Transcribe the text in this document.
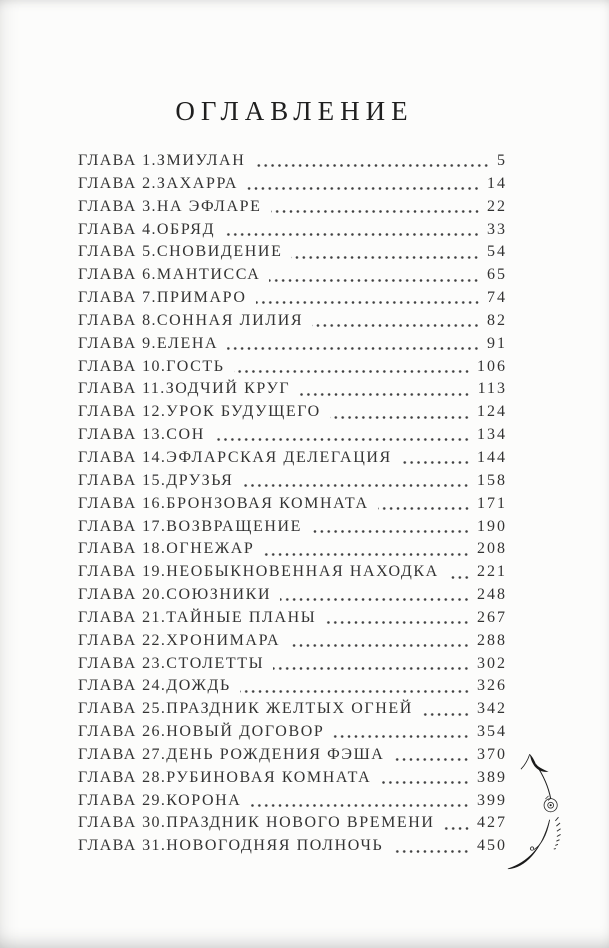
ОГЛАВЛЕНИЕ
ГЛАВА 1. ЗМИУЛАН	5
ГЛАВА 2. ЗАХАРРА	14
ГЛАВА 3. НА ЭФЛАРЕ	22
ГЛАВА 4. ОБРЯД	33
ГЛАВА 5. СНОВИДЕНИЕ	54
ГЛАВА 6. МАНТИССА	65
ГЛАВА 7. ПРИМАРО	74
ГЛАВА 8. СОННАЯ ЛИЛИЯ	82
ГЛАВА 9. ЕЛЕНА	91
ГЛАВА 10. ГОСТЬ	106
ГЛАВА 11. ЗОДЧИЙ КРУГ	113
ГЛАВА 12. УРОК БУДУЩЕГО	124
ГЛАВА 13. СОН	134
ГЛАВА 14. ЭФЛАРСКАЯ ДЕЛЕГАЦИЯ	144
ГЛАВА 15. ДРУЗЬЯ	158
ГЛАВА 16. БРОНЗОВАЯ КОМНАТА	171
ГЛАВА 17. ВОЗВРАЩЕНИЕ	190
ГЛАВА 18. ОГНЕЖАР	208
ГЛАВА 19. НЕОБЫКНОВЕННАЯ НАХОДКА 221
ГЛАВА 20. СОЮЗНИКИ	248
ГЛАВА 21. ТАЙНЫЕ ПЛАНЫ	267
ГЛАВА 22. ХРОНИМАРА	288
ГЛАВА 23. СТОЛЕТТЫ	302
ГЛАВА 24. ДОЖДЬ	326
ГЛАВА 25. ПРАЗДНИК ЖЕЛТЫХ ОГНЕЙ	342
ГЛАВА 26. НОВЫЙ ДОГОВОР	354
ГЛАВА 27. ДЕНЬ РОЖДЕНИЯ ФЭША	370
ГЛАВА 28. РУБИНОВАЯ КОМНАТА	389
ГЛАВА 29. КОРОНА	399
ГЛАВА 30. ПРАЗДНИК НОВОГО ВРЕМЕНИ	427
ГЛАВА 31. НОВОГОДНЯЯ ПОЛНОЧЬ	450
